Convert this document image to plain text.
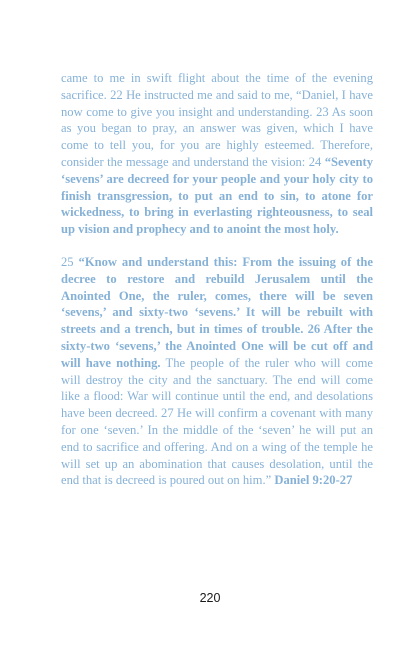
came to me in swift flight about the time of the evening sacrifice. 22 He instructed me and said to me, “Daniel, I have now come to give you insight and understanding. 23 As soon as you began to pray, an answer was given, which I have come to tell you, for you are highly esteemed. Therefore, consider the message and understand the vision: 24 “Seventy ‘sevens’ are decreed for your people and your holy city to finish transgression, to put an end to sin, to atone for wickedness, to bring in everlasting righteousness, to seal up vision and prophecy and to anoint the most holy.

25 “Know and understand this: From the issuing of the decree to restore and rebuild Jerusalem until the Anointed One, the ruler, comes, there will be seven ‘sevens,’ and sixty-two ‘sevens.’ It will be rebuilt with streets and a trench, but in times of trouble. 26 After the sixty-two ‘sevens,’ the Anointed One will be cut off and will have nothing. The people of the ruler who will come will destroy the city and the sanctuary. The end will come like a flood: War will continue until the end, and desolations have been decreed. 27 He will confirm a covenant with many for one ‘seven.’ In the middle of the ‘seven’ he will put an end to sacrifice and offering. And on a wing of the temple he will set up an abomination that causes desolation, until the end that is decreed is poured out on him.” Daniel 9:20-27

220
